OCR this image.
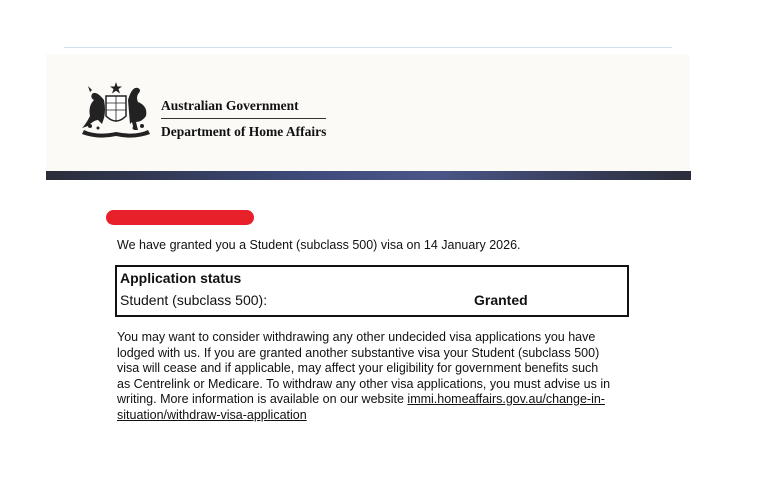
Australian Government
Department of Home Affairs
We have granted you a Student (subclass 500) visa on 14 January 2026.
Application status
Student (subclass 500):	Granted
You may want to consider withdrawing any other undecided visa applications you have
lodged with us. If you are granted another substantive visa your Student (subclass 500)
visa will cease and if applicable, may affect your eligibility for government benefits such
as Centrelink or Medicare. To withdraw any other visa applications, you must advise us in
writing. More information is available on our website immi.homeaffairs.gov.au/change-in-
situation/withdraw-visa-application
